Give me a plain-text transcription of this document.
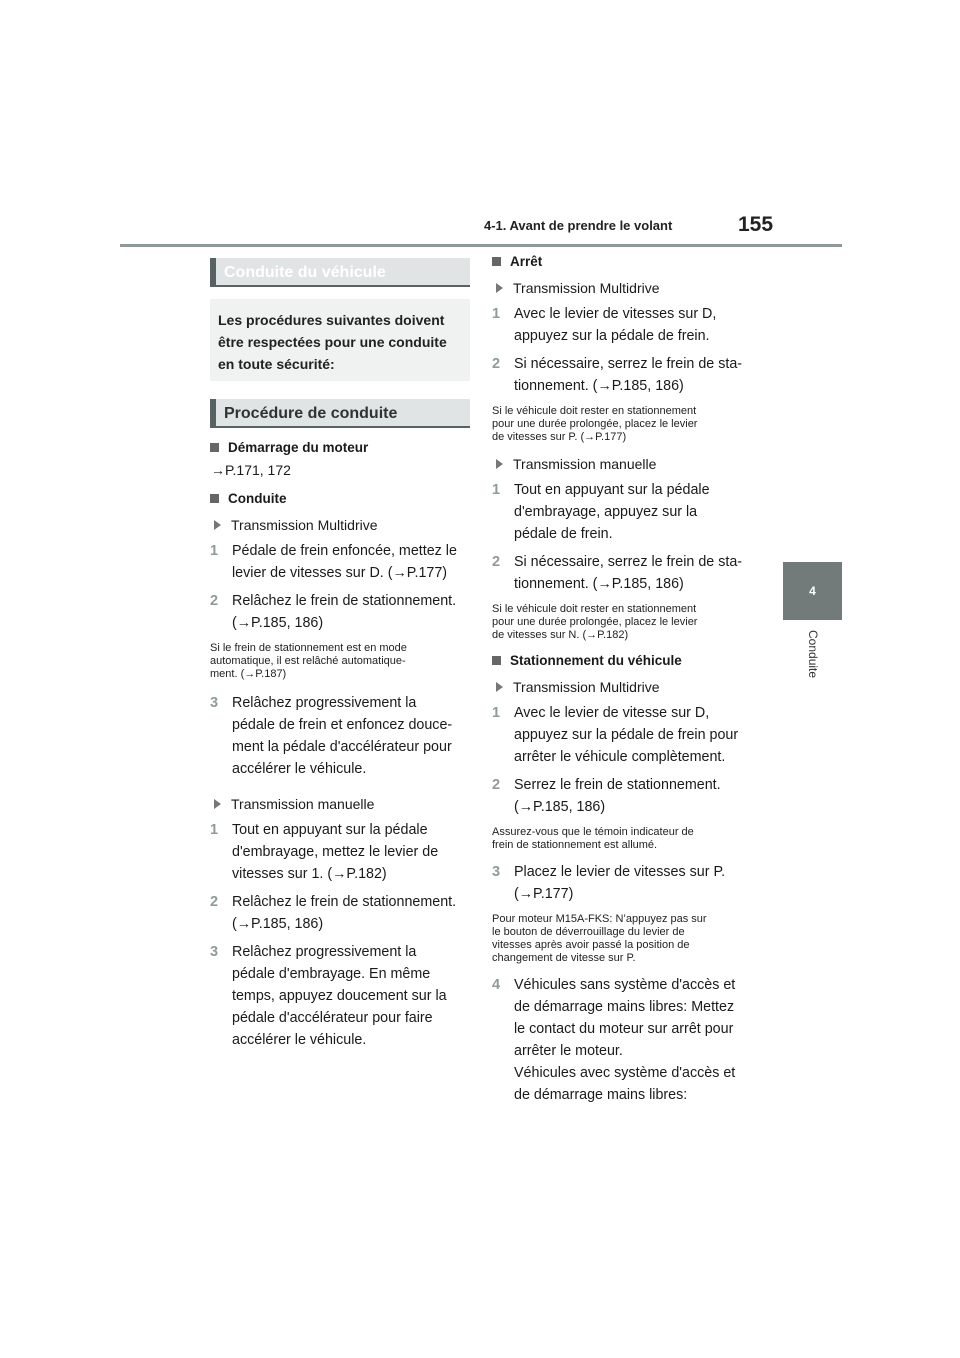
4-1. Avant de prendre le volant	155
4
Conduite
Conduite du véhicule
Les procédures suivantes doivent être respectées pour une conduite en toute sécurité:
Procédure de conduite
Démarrage du moteur
→P.171, 172
Conduite
Transmission Multidrive
1 Pédale de frein enfoncée, mettez le
levier de vitesses sur D. (→P.177)
2 Relâchez le frein de stationnement.
(→P.185, 186)
Si le frein de stationnement est en mode
automatique, il est relâché automatique-
ment. (→P.187)
3 Relâchez progressivement la
pédale de frein et enfoncez douce-
ment la pédale d'accélérateur pour
accélérer le véhicule.
Transmission manuelle
1 Tout en appuyant sur la pédale
d'embrayage, mettez le levier de
vitesses sur 1. (→P.182)
2 Relâchez le frein de stationnement.
(→P.185, 186)
3 Relâchez progressivement la
pédale d'embrayage. En même
temps, appuyez doucement sur la
pédale d'accélérateur pour faire
accélérer le véhicule.
Arrêt
Transmission Multidrive
1 Avec le levier de vitesses sur D,
appuyez sur la pédale de frein.
2 Si nécessaire, serrez le frein de sta-
tionnement. (→P.185, 186)
Si le véhicule doit rester en stationnement
pour une durée prolongée, placez le levier
de vitesses sur P. (→P.177)
Transmission manuelle
1 Tout en appuyant sur la pédale
d'embrayage, appuyez sur la
pédale de frein.
2 Si nécessaire, serrez le frein de sta-
tionnement. (→P.185, 186)
Si le véhicule doit rester en stationnement
pour une durée prolongée, placez le levier
de vitesses sur N. (→P.182)
Stationnement du véhicule
Transmission Multidrive
1 Avec le levier de vitesse sur D,
appuyez sur la pédale de frein pour
arrêter le véhicule complètement.
2 Serrez le frein de stationnement.
(→P.185, 186)
Assurez-vous que le témoin indicateur de
frein de stationnement est allumé.
3 Placez le levier de vitesses sur P.
(→P.177)
Pour moteur M15A-FKS: N’appuyez pas sur
le bouton de déverrouillage du levier de
vitesses après avoir passé la position de
changement de vitesse sur P.
4 Véhicules sans système d'accès et
de démarrage mains libres: Mettez
le contact du moteur sur arrêt pour
arrêter le moteur.
Véhicules avec système d'accès et
de démarrage mains libres:
